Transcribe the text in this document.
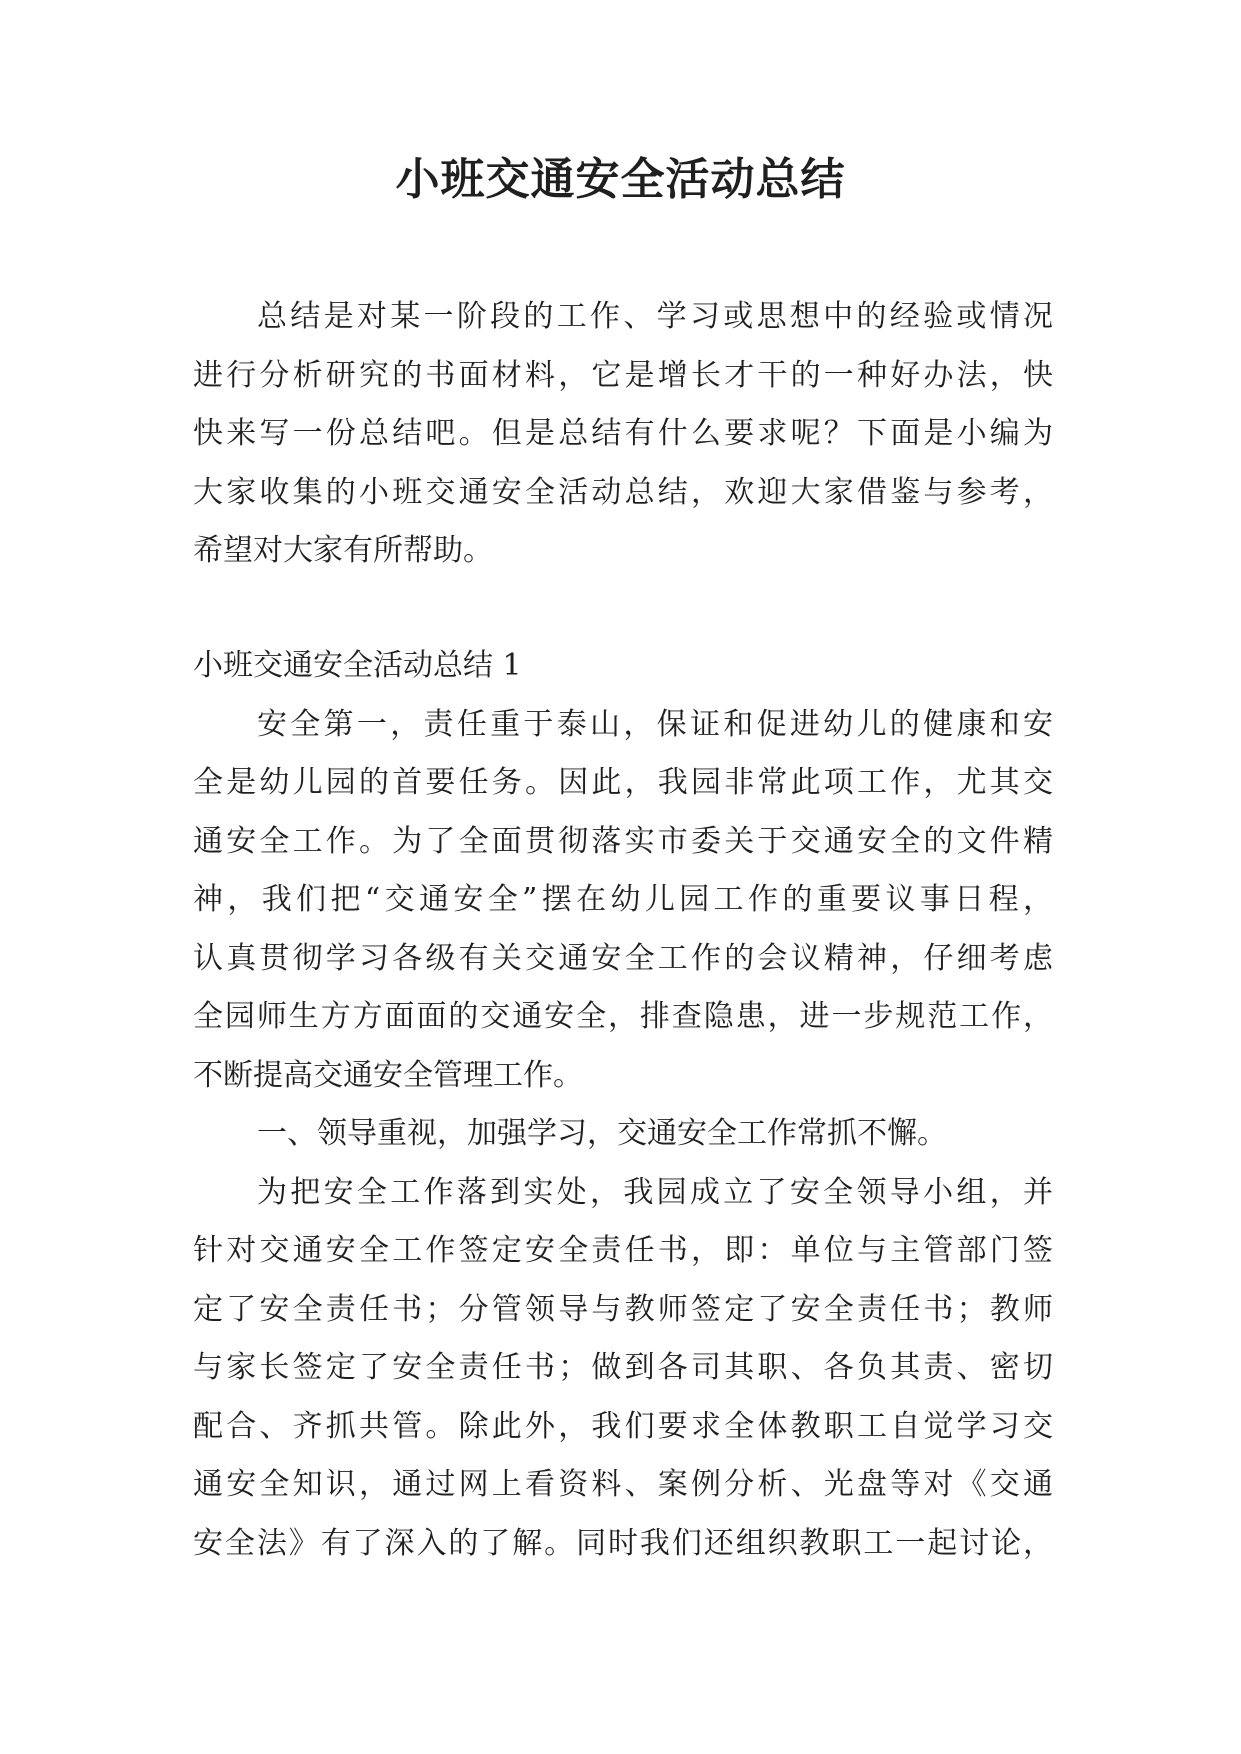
小班交通安全活动总结
总结是对某一阶段的工作、学习或思想中的经验或情况
进行分析研究的书面材料，它是增长才干的一种好办法，快
快来写一份总结吧。但是总结有什么要求呢？下面是小编为
大家收集的小班交通安全活动总结，欢迎大家借鉴与参考，
希望对大家有所帮助。
小班交通安全活动总结 1
安全第一，责任重于泰山，保证和促进幼儿的健康和安
全是幼儿园的首要任务。因此，我园非常此项工作，尤其交
通安全工作。为了全面贯彻落实市委关于交通安全的文件精
神，我们把“交通安全”摆在幼儿园工作的重要议事日程，
认真贯彻学习各级有关交通安全工作的会议精神，仔细考虑
全园师生方方面面的交通安全，排查隐患，进一步规范工作，
不断提高交通安全管理工作。
一、领导重视，加强学习，交通安全工作常抓不懈。
为把安全工作落到实处，我园成立了安全领导小组，并
针对交通安全工作签定安全责任书，即：单位与主管部门签
定了安全责任书；分管领导与教师签定了安全责任书；教师
与家长签定了安全责任书；做到各司其职、各负其责、密切
配合、齐抓共管。除此外，我们要求全体教职工自觉学习交
通安全知识，通过网上看资料、案例分析、光盘等对《交通
安全法》有了深入的了解。同时我们还组织教职工一起讨论，
